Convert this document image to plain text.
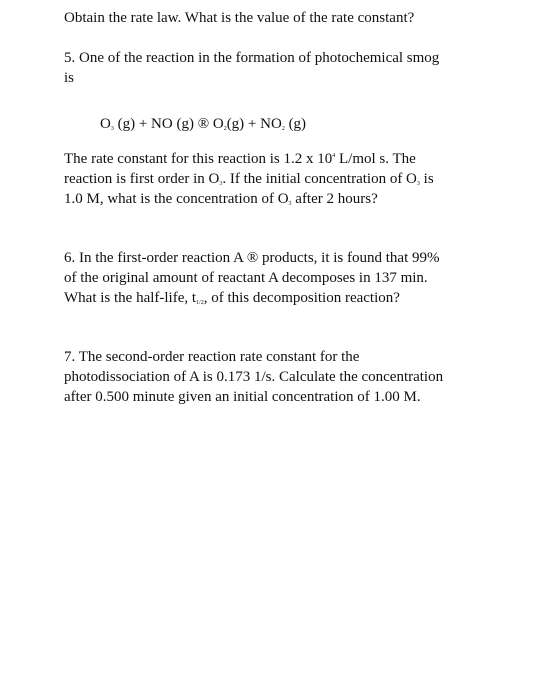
Obtain the rate law. What is the value of the rate constant?
5. One of the reaction in the formation of photochemical smog
is
$O_3$ (g) + NO (g) ® $O_2(g) + NO_2$ (g)
The rate constant for this reaction is 1.2 x $10^4$ L/mol s. The
reaction is first order in $O_3$. If the initial concentration of $O_3$ is
1.0 M, what is the concentration of $O_3$ after 2 hours?
6. In the first-order reaction A ® products, it is found that 99%
of the original amount of reactant A decomposes in 137 min.
What is the half-life, $t_{1/2}$, of this decomposition reaction?
7. The second-order reaction rate constant for the
photodissociation of A is 0.173 1/s. Calculate the concentration
after 0.500 minute given an initial concentration of 1.00 M.
